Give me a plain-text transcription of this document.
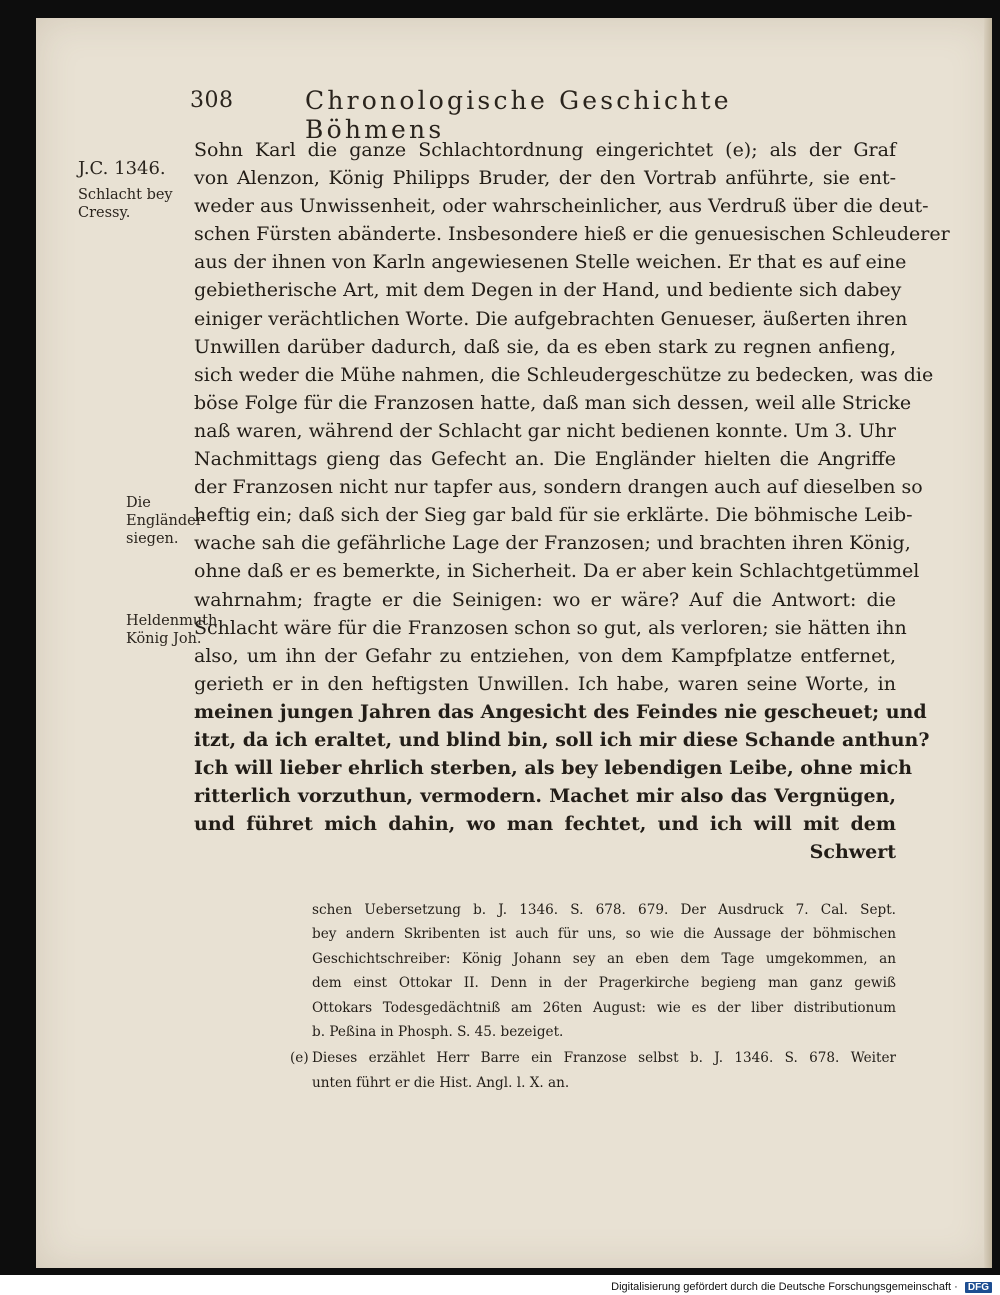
308	Chronologische Geschichte Böhmens
J.C. 1346.
Schlacht bey Cressy.
Die Engländer siegen.
Heldenmuth König Joh.
Sohn Karl die ganze Schlachtordnung eingerichtet (e); als der Graf
von Alenzon, König Philipps Bruder, der den Vortrab anführte, sie ent-
weder aus Unwissenheit, oder wahrscheinlicher, aus Verdruß über die deut-
schen Fürsten abänderte. Insbesondere hieß er die genuesischen Schleuderer
aus der ihnen von Karln angewiesenen Stelle weichen. Er that es auf eine
gebietherische Art, mit dem Degen in der Hand, und bediente sich dabey
einiger verächtlichen Worte. Die aufgebrachten Genueser, äußerten ihren
Unwillen darüber dadurch, daß sie, da es eben stark zu regnen anfieng,
sich weder die Mühe nahmen, die Schleudergeschütze zu bedecken, was die
böse Folge für die Franzosen hatte, daß man sich dessen, weil alle Stricke
naß waren, während der Schlacht gar nicht bedienen konnte. Um 3. Uhr
Nachmittags gieng das Gefecht an. Die Engländer hielten die Angriffe
der Franzosen nicht nur tapfer aus, sondern drangen auch auf dieselben so
heftig ein; daß sich der Sieg gar bald für sie erklärte. Die böhmische Leib-
wache sah die gefährliche Lage der Franzosen; und brachten ihren König,
ohne daß er es bemerkte, in Sicherheit. Da er aber kein Schlachtgetümmel
wahrnahm; fragte er die Seinigen: wo er wäre? Auf die Antwort: die
Schlacht wäre für die Franzosen schon so gut, als verloren; sie hätten ihn
also, um ihn der Gefahr zu entziehen, von dem Kampfplatze entfernet,
gerieth er in den heftigsten Unwillen. Ich habe, waren seine Worte, in
meinen jungen Jahren das Angesicht des Feindes nie gescheuet; und
itzt, da ich eraltet, und blind bin, soll ich mir diese Schande anthun?
Ich will lieber ehrlich sterben, als bey lebendigen Leibe, ohne mich
ritterlich vorzuthun, vermodern. Machet mir also das Vergnügen,
und führet mich dahin, wo man fechtet, und ich will mit dem
Schwert
schen Uebersetzung b. J. 1346. S. 678. 679. Der Ausdruck 7. Cal. Sept.
bey andern Skribenten ist auch für uns, so wie die Aussage der böhmischen
Geschichtschreiber: König Johann sey an eben dem Tage umgekommen, an
dem einst Ottokar II. Denn in der Pragerkirche begieng man ganz gewiß
Ottokars Todesgedächtniß am 26ten August: wie es der liber distributionum
b. Peßina in Phosph. S. 45. bezeiget.
(e) Dieses erzählet Herr Barre ein Franzose selbst b. J. 1346. S. 678. Weiter
unten führt er die Hist. Angl. l. X. an.
Digitalisierung gefördert durch die Deutsche Forschungsgemeinschaft · DFG
